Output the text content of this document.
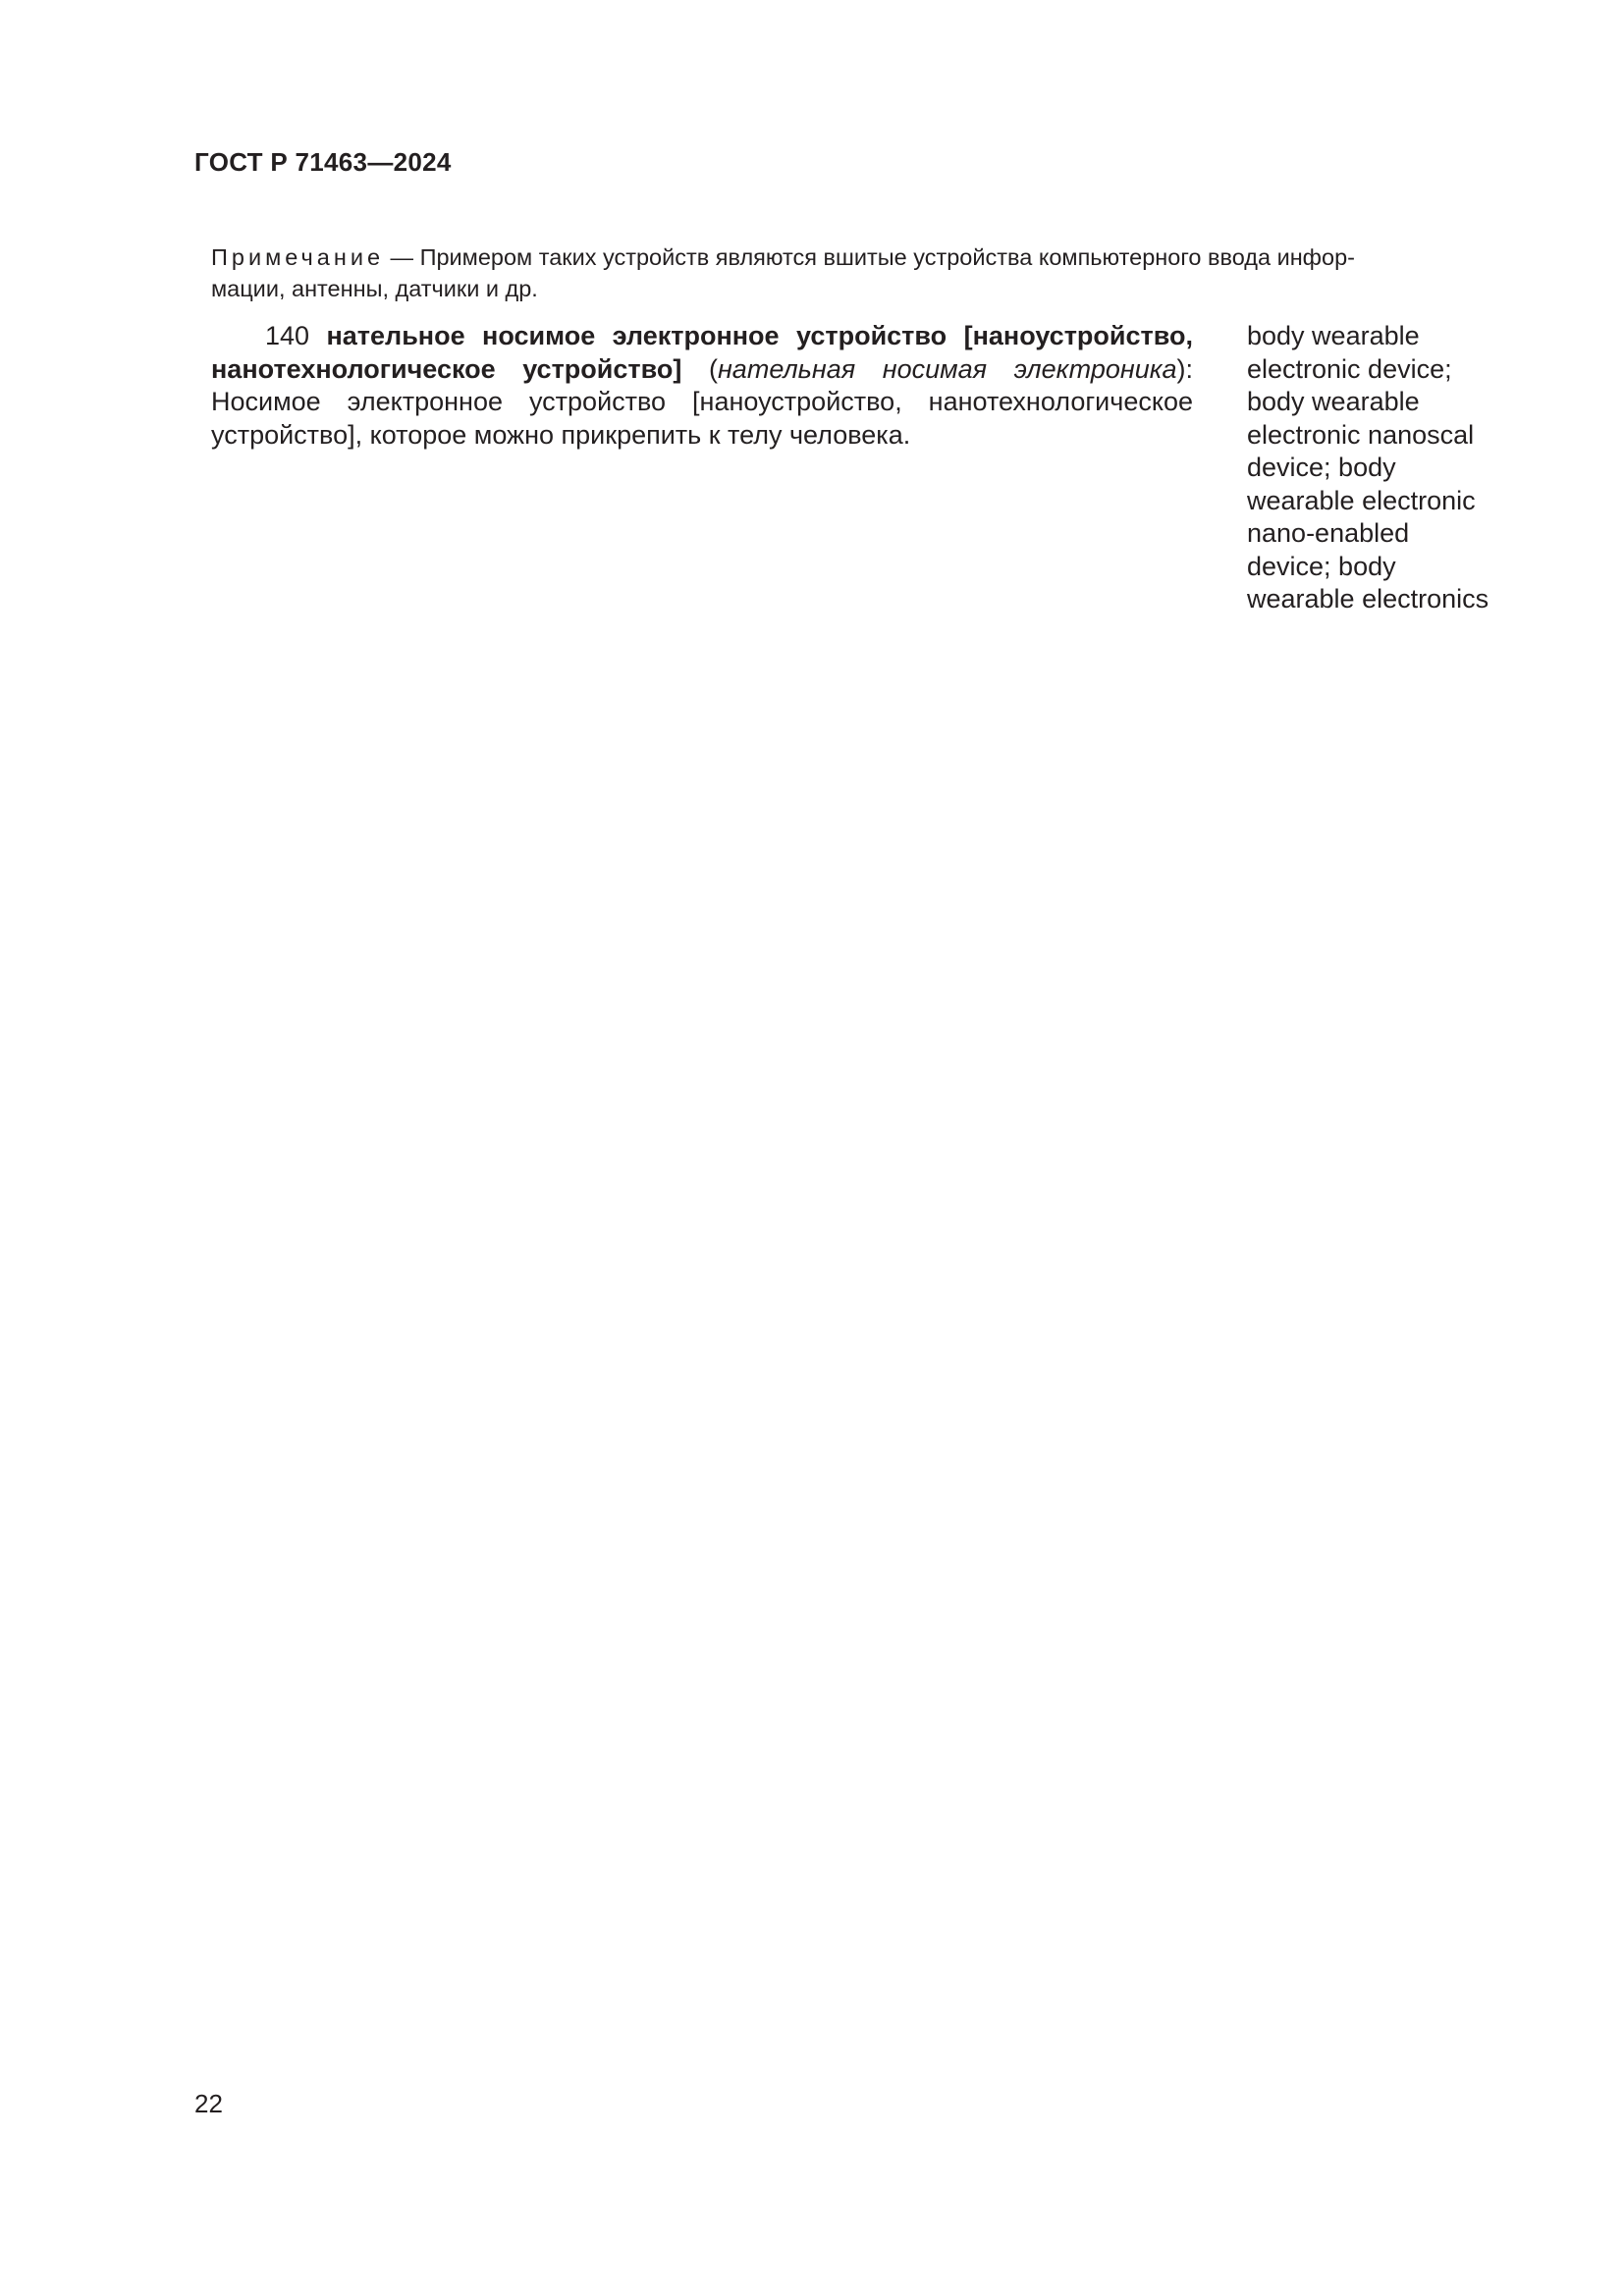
ГОСТ Р 71463—2024

Примечание — Примером таких устройств являются вшитые устройства компьютерного ввода инфор-

мации, антенны, датчики и др.

140 нательное носимое электронное устройство [наноустройство,
нанотехнологическое устройство] (нательная носимая электроника):
Носимое электронное устройство [наноустройство, нанотехнологическое
устройство], которое можно прикрепить к телу человека.
body wearable
electronic device;
body wearable
electronic nanoscal
device; body
wearable electronic
nano-enabled
device; body
wearable electronics

22
